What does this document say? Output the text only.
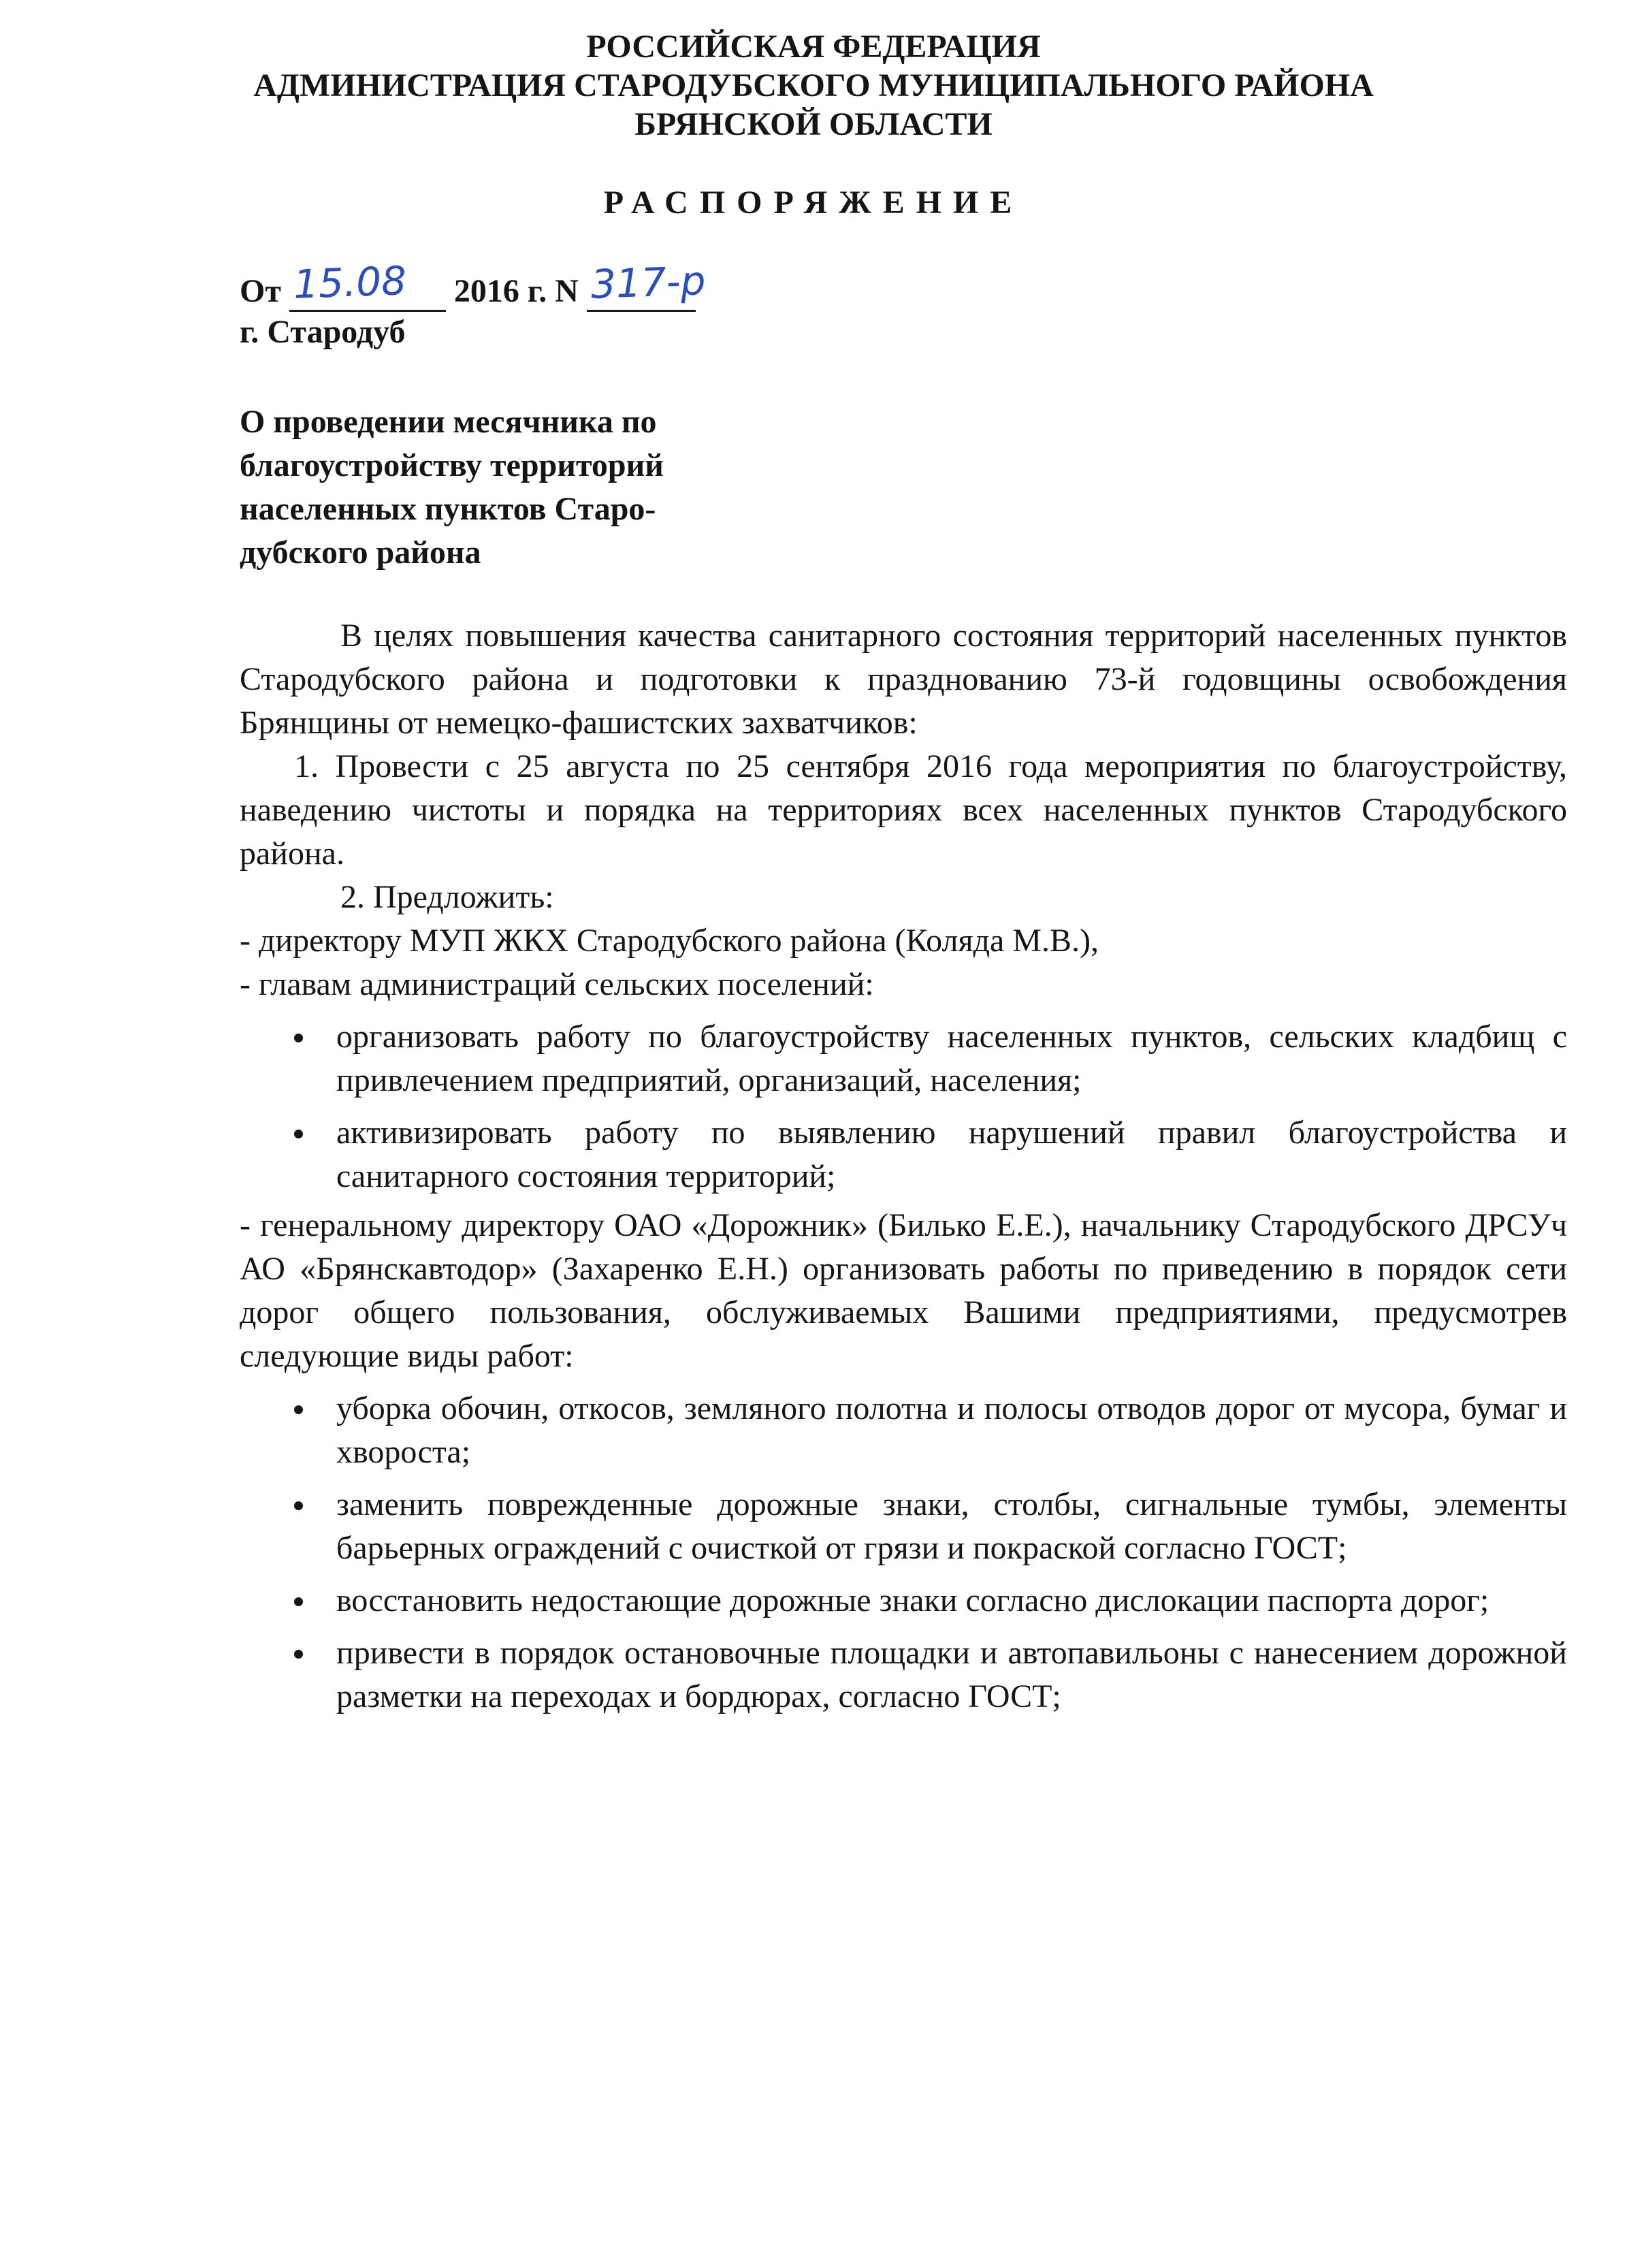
РОССИЙСКАЯ ФЕДЕРАЦИЯ
АДМИНИСТРАЦИЯ СТАРОДУБСКОГО МУНИЦИПАЛЬНОГО РАЙОНА
БРЯНСКОЙ ОБЛАСТИ
РАСПОРЯЖЕНИЕ
От 15.08 2016 г. N 317-р
г. Стародуб
О проведении месячника по
благоустройству территорий
населенных пунктов Старо-
дубского района

В целях повышения качества санитарного состояния территорий населенных пунктов Стародубского района и подготовки к празднованию 73-й годовщины освобождения Брянщины от немецко-фашистских захватчиков:

1. Провести с 25 августа по 25 сентября 2016 года мероприятия по благоустройству, наведению чистоты и порядка на территориях всех населенных пунктов Стародубского района.

2. Предложить:

- директору МУП ЖКХ Стародубского района (Коляда М.В.),

- главам администраций сельских поселений:

организовать работу по благоустройству населенных пунктов, сельских кладбищ с привлечением предприятий, организаций, населения;
активизировать работу по выявлению нарушений правил благоустройства и санитарного состояния территорий;

- генеральному директору ОАО «Дорожник» (Билько Е.Е.), начальнику Стародубского ДРСУч АО «Брянскавтодор» (Захаренко Е.Н.) организовать работы по приведению в порядок сети дорог общего пользования, обслуживаемых Вашими предприятиями, предусмотрев следующие виды работ:

уборка обочин, откосов, земляного полотна и полосы отводов дорог от мусора, бумаг и хвороста;
заменить поврежденные дорожные знаки, столбы, сигнальные тумбы, элементы барьерных ограждений с очисткой от грязи и покраской согласно ГОСТ;
восстановить недостающие дорожные знаки согласно дислокации паспорта дорог;
привести в порядок остановочные площадки и автопавильоны с нанесением дорожной разметки на переходах и бордюрах, согласно ГОСТ;
